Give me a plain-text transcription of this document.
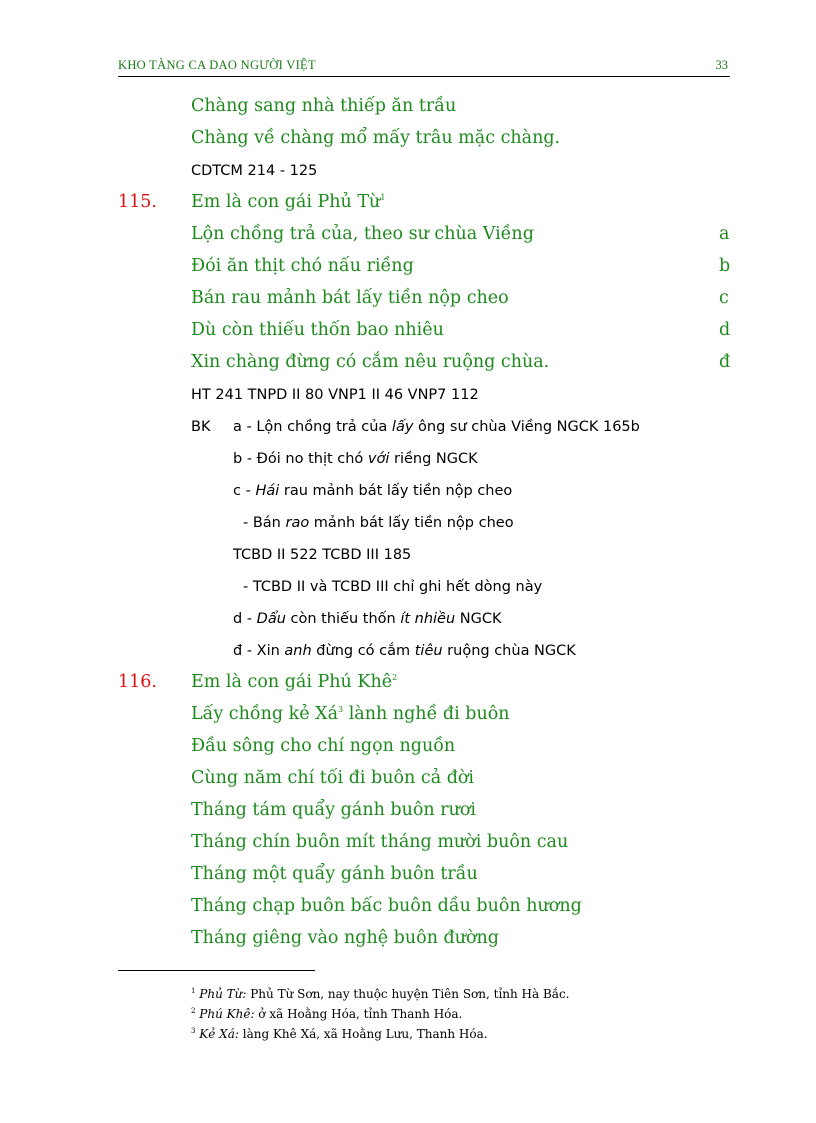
KHO TÀNG CA DAO NGƯỜI VIỆT	33
Chàng sang nhà thiếp ăn trầu
Chàng về chàng mổ mấy trâu mặc chàng.
CDTCM 214 - 125
115. Em là con gái Phủ Từ$^1$
Lộn chồng trả của, theo sư chùa Viềng
Đói ăn thịt chó nấu riềng
Bán rau mảnh bát lấy tiền nộp cheo
Dù còn thiếu thốn bao nhiêu
Xin chàng đừng có cắm nêu ruộng chùa.
a
b
c
d
đ
HT 241 TNPD II 80 VNP1 II 46 VNP7 112
BK a - Lộn chồng trả của lấy ông sư chùa Viềng NGCK 165b
b - Đói no thịt chó với riềng NGCK
c - Hái rau mảnh bát lấy tiền nộp cheo
- Bán rao mảnh bát lấy tiền nộp cheo
TCBD II 522 TCBD III 185
- TCBD II và TCBD III chỉ ghi hết dòng này
d - Dẩu còn thiếu thốn ít nhiều NGCK
đ - Xin anh đừng có cắm tiêu ruộng chùa NGCK
116. Em là con gái Phú Khê$^2$
Lấy chồng kẻ $Xá^3$ lành nghề đi buôn
Đầu sông cho chí ngọn nguồn
Cùng năm chí tối đi buôn cả đời
Tháng tám quẩy gánh buôn rươi
Tháng chín buôn mít tháng mười buôn cau
Tháng một quẩy gánh buôn trầu
Tháng chạp buôn bấc buôn dầu buôn hương
Tháng giêng vào nghệ buôn đường
$^1$ Phủ Từ: Phủ Từ Sơn, nay thuộc huyện Tiên Sơn, tỉnh Hà Bắc.
$^2$ Phú Khê: ở xã Hoằng Hóa, tỉnh Thanh Hóa.
$^3$ Kẻ Xá: làng Khê Xá, xã Hoằng Lưu, Thanh Hóa.
